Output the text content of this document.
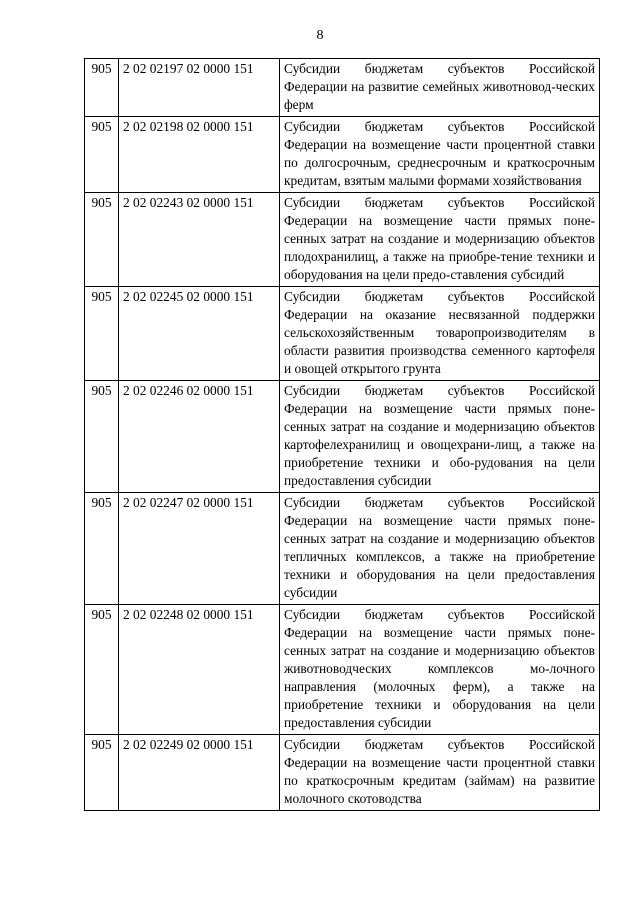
8
905	2 02 02197 02 0000 151	Субсидии бюджетам субъектов Российской Федерации на развитие семейных животновод-ческих ферм
905	2 02 02198 02 0000 151	Субсидии бюджетам субъектов Российской Федерации на возмещение части процентной ставки по долгосрочным, среднесрочным и краткосрочным кредитам, взятым малыми формами хозяйствования
905	2 02 02243 02 0000 151	Субсидии бюджетам субъектов Российской Федерации на возмещение части прямых поне-сенных затрат на создание и модернизацию объектов плодохранилищ, а также на приобре-тение техники и оборудования на цели предо-ставления субсидий
905	2 02 02245 02 0000 151	Субсидии бюджетам субъектов Российской Федерации на оказание несвязанной поддержки сельскохозяйственным товаропроизводителям в области развития производства семенного картофеля и овощей открытого грунта
905	2 02 02246 02 0000 151	Субсидии бюджетам субъектов Российской Федерации на возмещение части прямых поне-сенных затрат на создание и модернизацию объектов картофелехранилищ и овощехрани-лищ, а также на приобретение техники и обо-рудования на цели предоставления субсидии
905	2 02 02247 02 0000 151	Субсидии бюджетам субъектов Российской Федерации на возмещение части прямых поне-сенных затрат на создание и модернизацию объектов тепличных комплексов, а также на приобретение техники и оборудования на цели предоставления субсидии
905	2 02 02248 02 0000 151	Субсидии бюджетам субъектов Российской Федерации на возмещение части прямых поне-сенных затрат на создание и модернизацию объектов животноводческих комплексов мо-лочного направления (молочных ферм), а также на приобретение техники и оборудования на цели предоставления субсидии
905	2 02 02249 02 0000 151	Субсидии бюджетам субъектов Российской Федерации на возмещение части процентной ставки по краткосрочным кредитам (займам) на развитие молочного скотоводства
